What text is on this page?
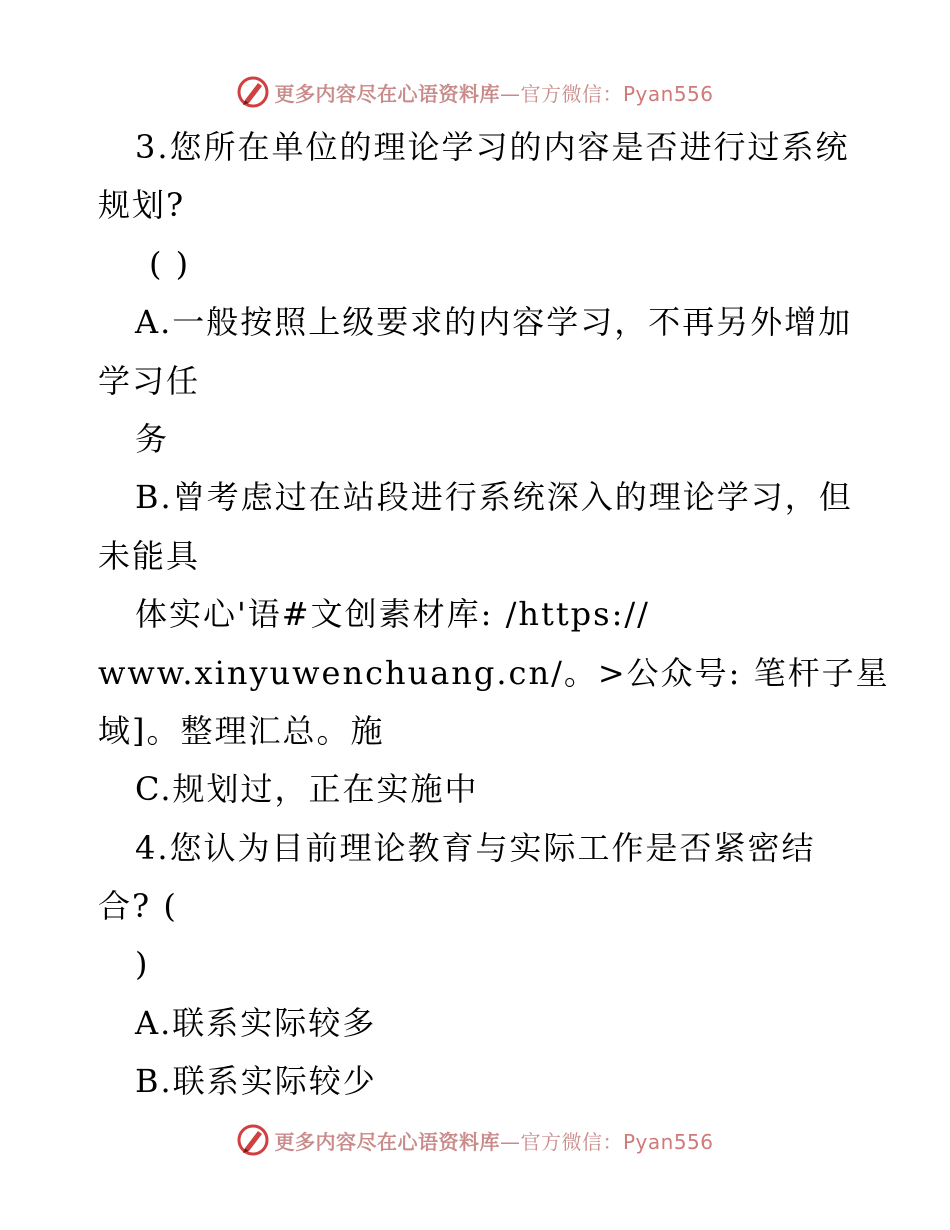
更多内容尽在心语资料库—官方微信：Pyan556
3.您所在单位的理论学习的内容是否进行过系统
规划?
( )
A.一般按照上级要求的内容学习，不再另外增加
学习任
务
B.曾考虑过在站段进行系统深入的理论学习，但
未能具
体实心'语#文创素材库: /https://
www.xinyuwenchuang.cn/。>公众号: 笔杆子星
域]。整理汇总。施
C.规划过，正在实施中
4.您认为目前理论教育与实际工作是否紧密结
合? (
)
A.联系实际较多
B.联系实际较少
更多内容尽在心语资料库—官方微信：Pyan556
